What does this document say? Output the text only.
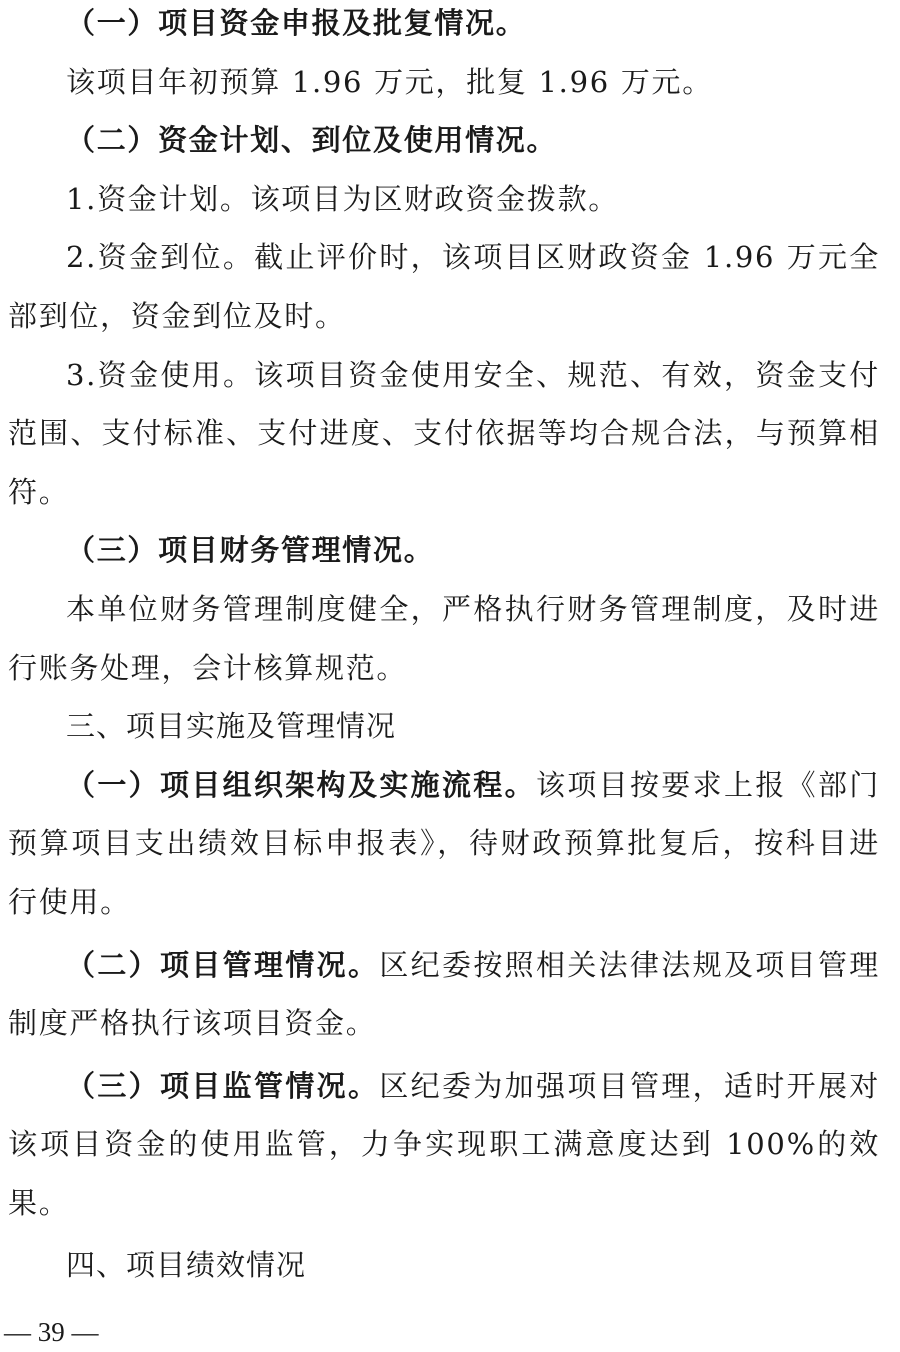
（一）项目资金申报及批复情况。

该项目年初预算 1.96 万元，批复 1.96 万元。

（二）资金计划、到位及使用情况。

1.资金计划。该项目为区财政资金拨款。

2.资金到位。截止评价时，该项目区财政资金 1.96 万元全部到位，资金到位及时。

3.资金使用。该项目资金使用安全、规范、有效，资金支付范围、支付标准、支付进度、支付依据等均合规合法，与预算相符。

（三）项目财务管理情况。

本单位财务管理制度健全，严格执行财务管理制度，及时进行账务处理，会计核算规范。

三、项目实施及管理情况

（一）项目组织架构及实施流程。该项目按要求上报《部门预算项目支出绩效目标申报表》，待财政预算批复后，按科目进行使用。

（二）项目管理情况。区纪委按照相关法律法规及项目管理制度严格执行该项目资金。

（三）项目监管情况。区纪委为加强项目管理，适时开展对该项目资金的使用监管，力争实现职工满意度达到 100%的效果。

四、项目绩效情况

— 39 —
